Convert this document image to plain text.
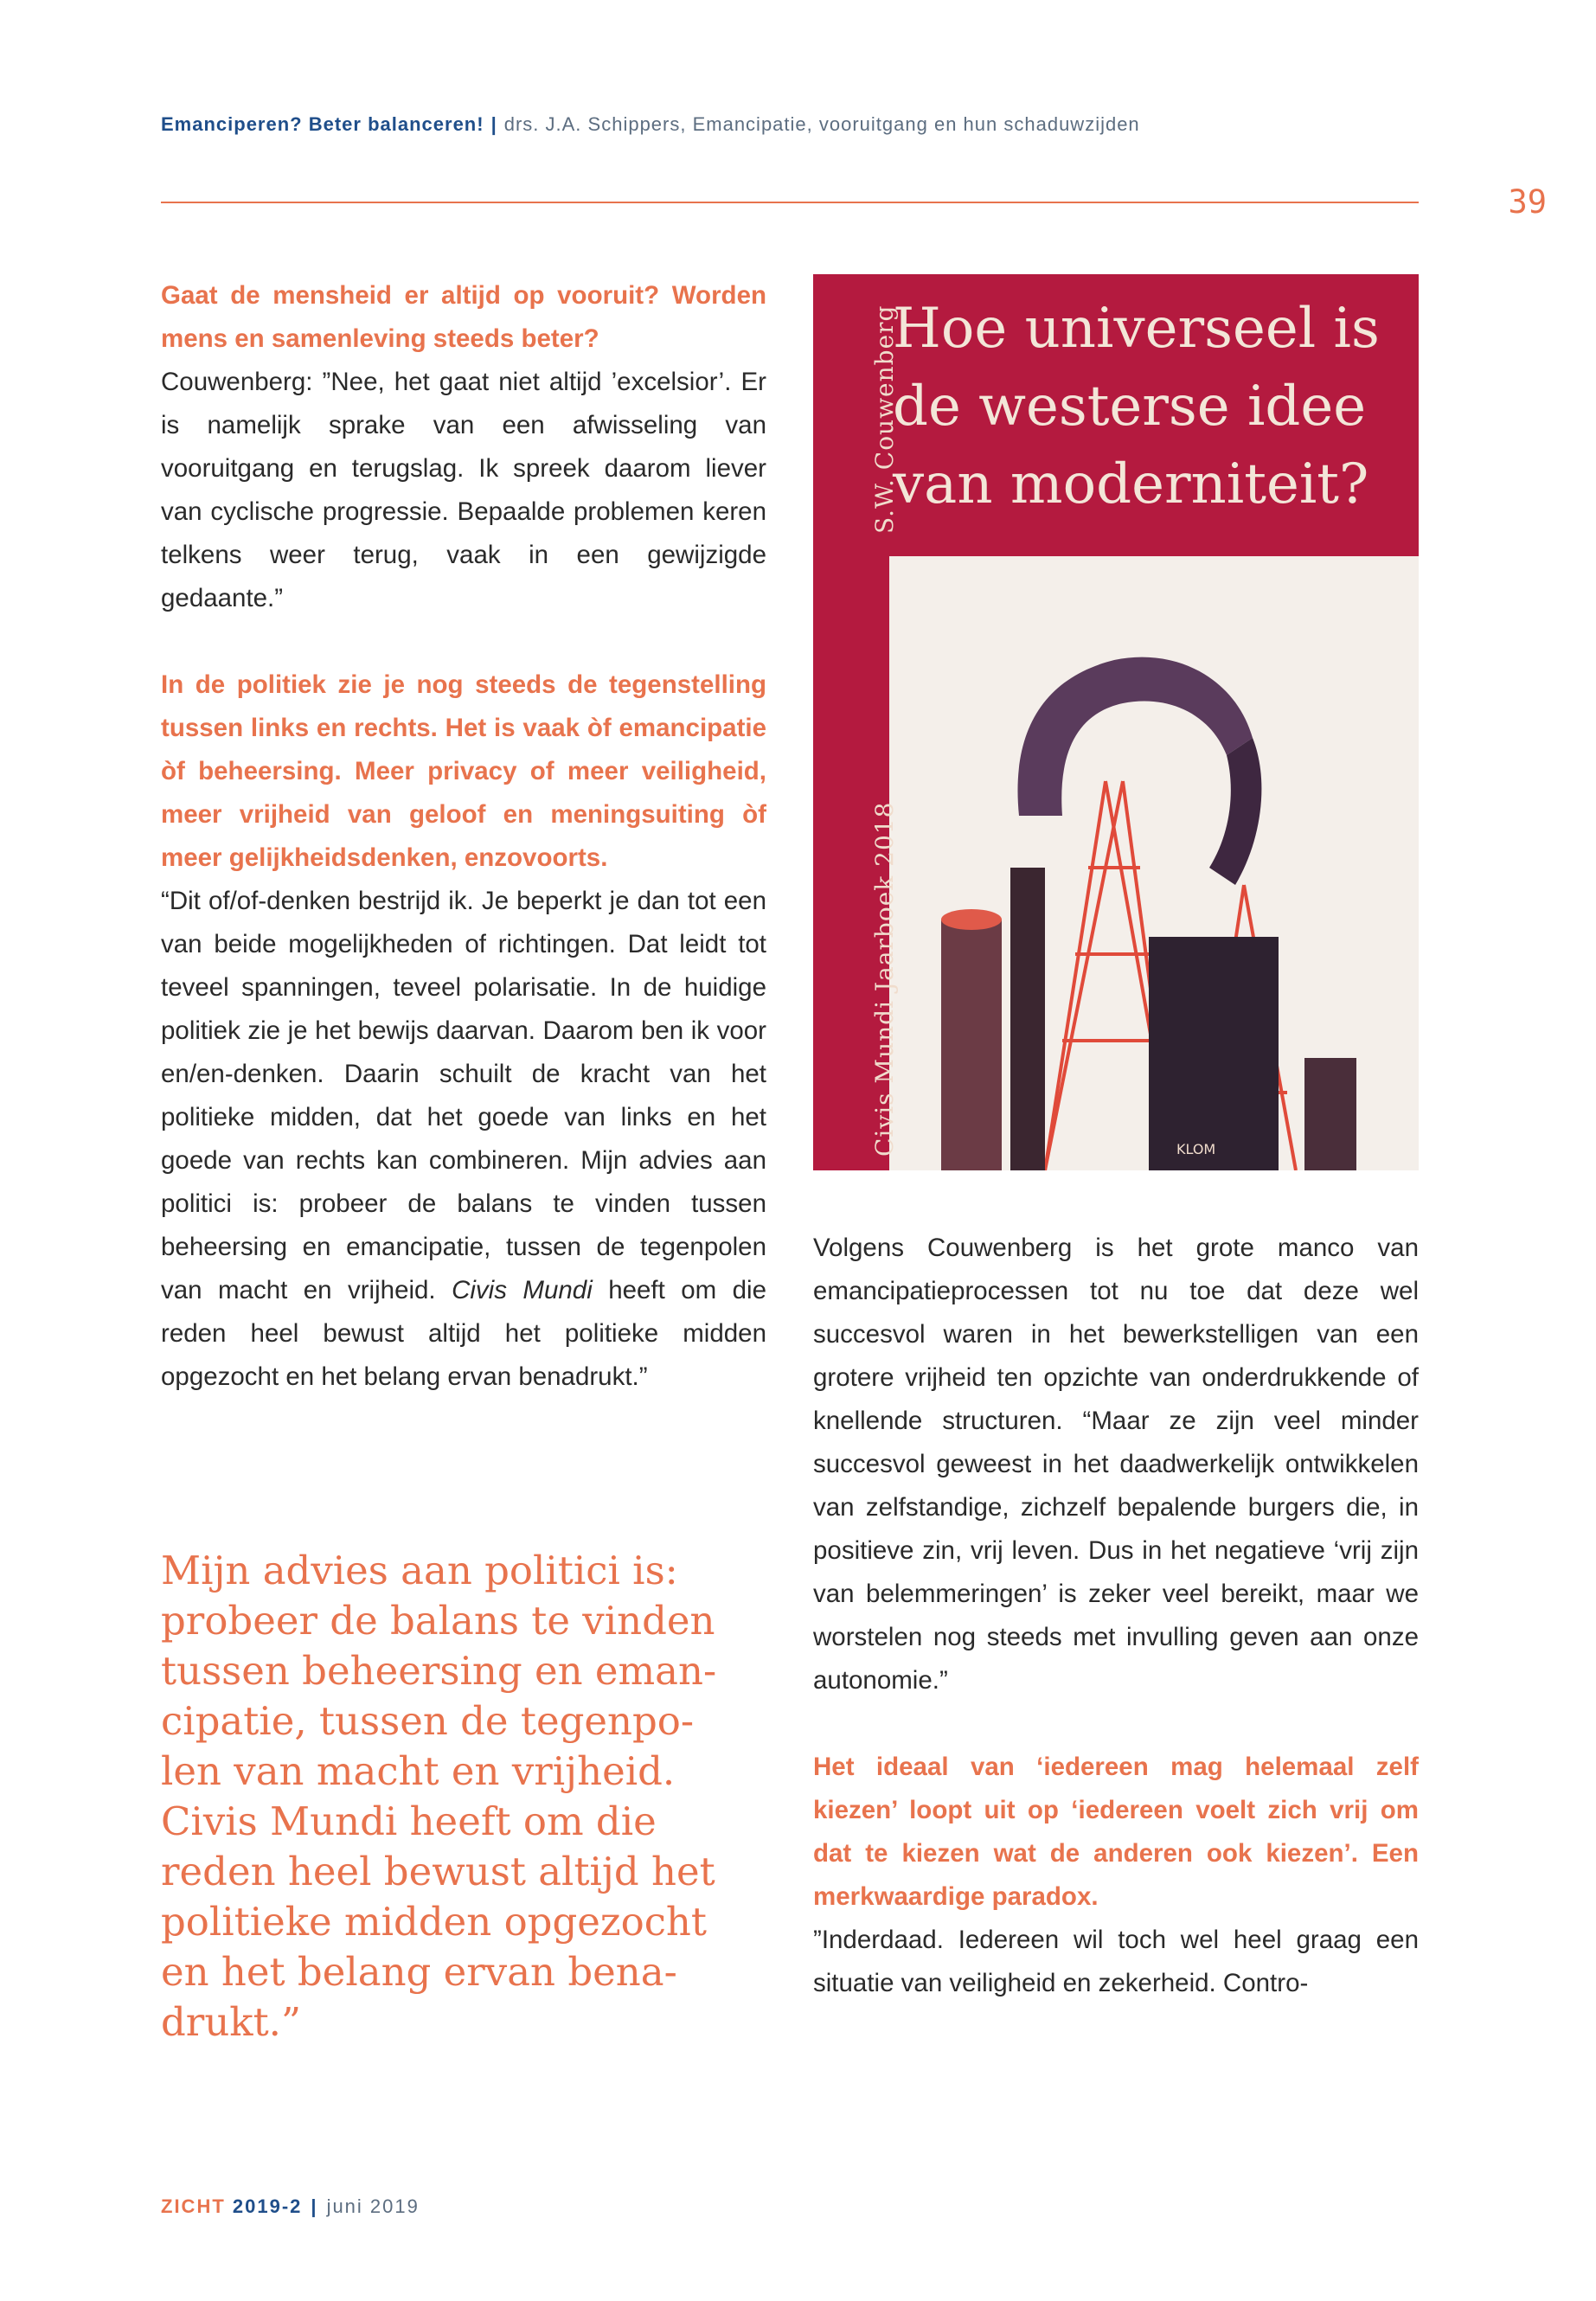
Emanciperen? Beter balanceren! | drs. J.A. Schippers, Emancipatie, vooruitgang en hun schaduwzijden
39

Gaat de mensheid er altijd op vooruit? Worden mens en samenleving steeds beter?

Couwenberg: ”Nee, het gaat niet altijd ’excelsior’. Er is namelijk sprake van een afwisseling van vooruitgang en terugslag. Ik spreek daarom liever van cyclische progressie. Bepaalde problemen keren telkens weer terug, vaak in een gewijzigde gedaante.”

In de politiek zie je nog steeds de tegenstelling tussen links en rechts. Het is vaak òf emancipatie òf beheersing. Meer privacy of meer veiligheid, meer vrijheid van geloof en meningsuiting òf meer gelijkheidsdenken, enzovoorts.

“Dit of/of-denken bestrijd ik. Je beperkt je dan tot een van beide mogelijkheden of richtingen. Dat leidt tot teveel spanningen, teveel polarisatie. In de huidige politiek zie je het bewijs daarvan. Daarom ben ik voor en/en-denken. Daarin schuilt de kracht van het politieke midden, dat het goede van links en het goede van rechts kan combineren. Mijn advies aan politici is: probeer de balans te vinden tussen beheersing en emancipatie, tussen de tegenpolen van macht en vrijheid. Civis Mundi heeft om die reden heel bewust altijd het politieke midden opgezocht en het belang ervan benadrukt.”

Mijn advies aan politici is:

probeer de balans te vinden

tussen beheersing en eman-

cipatie, tussen de tegenpo-

len van macht en vrijheid.

Civis Mundi heeft om die

reden heel bewust altijd het

politieke midden opgezocht

en het belang ervan bena-

drukt.”

Hoe universeel is
de westerse idee
van moderniteit?
S.W. Couwenberg
Civis Mundi Jaarboek 2018	KLOM

Volgens Couwenberg is het grote manco van emancipatieprocessen tot nu toe dat deze wel succesvol waren in het bewerkstelligen van een grotere vrijheid ten opzichte van onderdrukkende of knellende structuren. “Maar ze zijn veel minder succesvol geweest in het daadwerkelijk ontwikkelen van zelfstandige, zichzelf bepalende burgers die, in positieve zin, vrij leven. Dus in het negatieve ‘vrij zijn van belemmeringen’ is zeker veel bereikt, maar we worstelen nog steeds met invulling geven aan onze autonomie.”

Het ideaal van ‘iedereen mag helemaal zelf kiezen’ loopt uit op ‘iedereen voelt zich vrij om dat te kiezen wat de anderen ook kiezen’. Een merkwaardige paradox.

”Inderdaad. Iedereen wil toch wel heel graag een situatie van veiligheid en zekerheid. Contro-

ZICHT 2019-2 | juni 2019
